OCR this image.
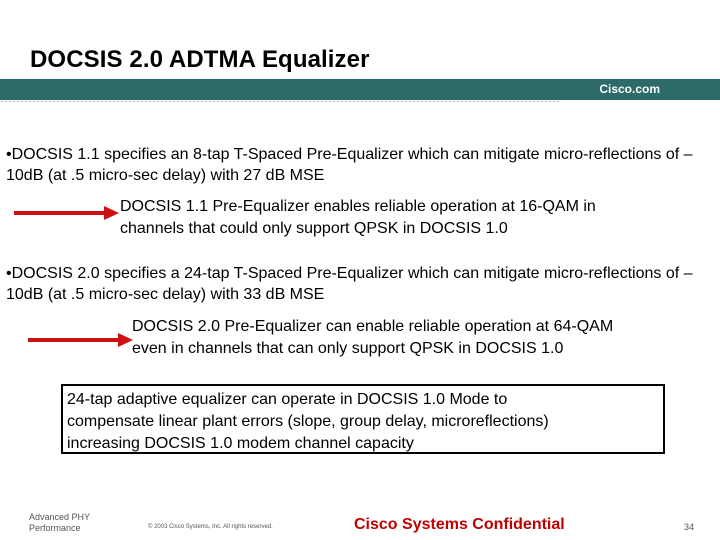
DOCSIS 2.0 ADTMA Equalizer
Cisco.com
•DOCSIS 1.1 specifies an 8-tap T-Spaced Pre-Equalizer which can mitigate micro-reflections of –10dB (at .5 micro-sec delay) with 27 dB MSE
DOCSIS 1.1 Pre-Equalizer enables reliable operation at 16-QAM in
channels that could only support QPSK in DOCSIS 1.0
•DOCSIS 2.0 specifies a 24-tap T-Spaced Pre-Equalizer which can mitigate micro-reflections of –10dB (at .5 micro-sec delay) with 33 dB MSE
DOCSIS 2.0 Pre-Equalizer can enable reliable operation at 64-QAM
even in channels that can only support QPSK in DOCSIS 1.0
24-tap adaptive equalizer can operate in DOCSIS 1.0 Mode to
compensate linear plant errors (slope, group delay, microreflections)
increasing DOCSIS 1.0 modem channel capacity
Advanced PHY
Performance	© 2003 Cisco Systems, Inc. All rights reserved.	Cisco Systems Confidential	34
